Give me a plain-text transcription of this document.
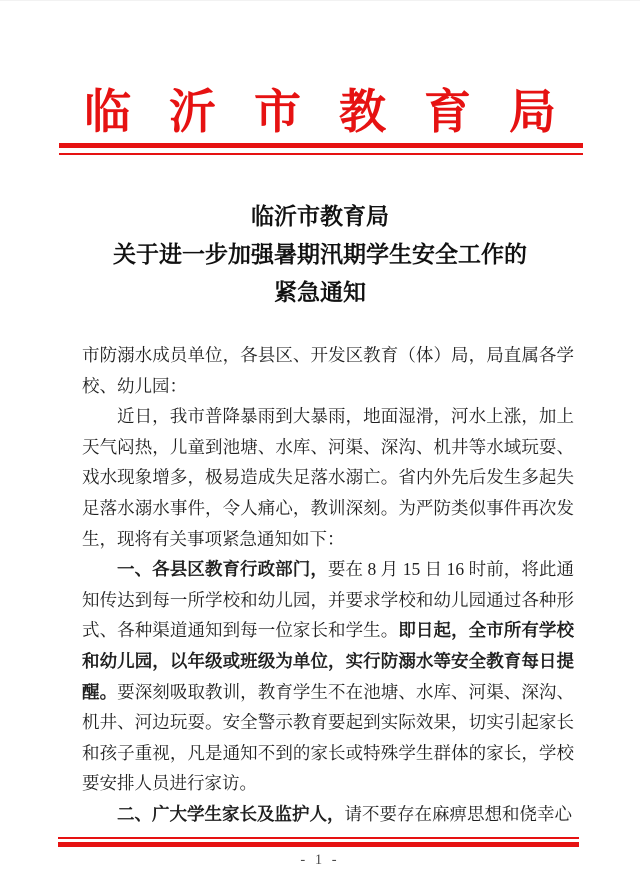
临沂市教育局
临沂市教育局
关于进一步加强暑期汛期学生安全工作的
紧急通知

市防溺水成员单位，各县区、开发区教育（体）局，局直属各学校、幼儿园：

近日，我市普降暴雨到大暴雨，地面湿滑，河水上涨，加上天气闷热，儿童到池塘、水库、河渠、深沟、机井等水域玩耍、戏水现象增多，极易造成失足落水溺亡。省内外先后发生多起失足落水溺水事件，令人痛心，教训深刻。为严防类似事件再次发生，现将有关事项紧急通知如下：

一、各县区教育行政部门，要在 8 月 15 日 16 时前，将此通知传达到每一所学校和幼儿园，并要求学校和幼儿园通过各种形式、各种渠道通知到每一位家长和学生。即日起，全市所有学校和幼儿园，以年级或班级为单位，实行防溺水等安全教育每日提醒。要深刻吸取教训，教育学生不在池塘、水库、河渠、深沟、机井、河边玩耍。安全警示教育要起到实际效果，切实引起家长和孩子重视，凡是通知不到的家长或特殊学生群体的家长，学校要安排人员进行家访。

二、广大学生家长及监护人，请不要存在麻痹思想和侥幸心

- 1 -
